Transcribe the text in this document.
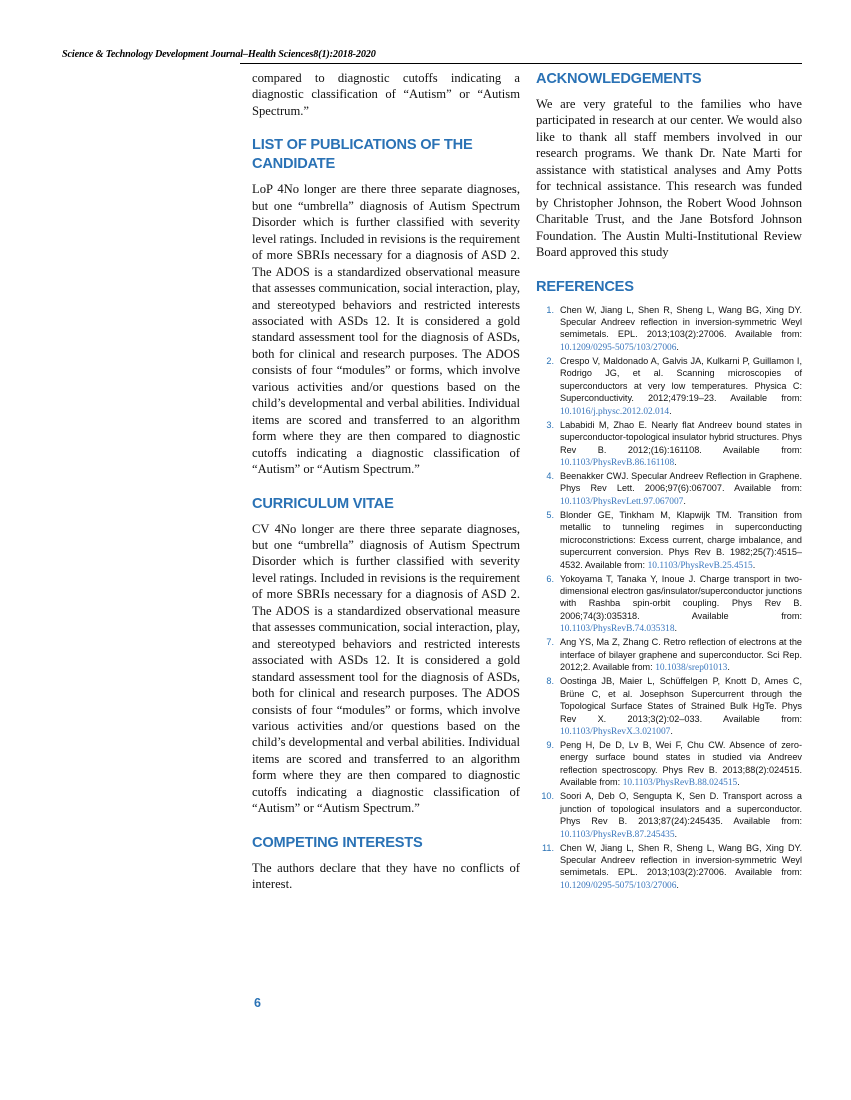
Science & Technology Development Journal–Health Sciences8(1):2018-2020

compared to diagnostic cutoffs indicating a diagnostic classification of “Autism” or “Autism Spectrum.”

LIST OF PUBLICATIONS OF THE CANDIDATE

LoP 4No longer are there three separate diagnoses, but one “umbrella” diagnosis of Autism Spectrum Disorder which is further classified with severity level ratings. Included in revisions is the requirement of more SBRIs necessary for a diagnosis of ASD 2. The ADOS is a standardized observational measure that assesses communication, social interaction, play, and stereotyped behaviors and restricted interests associated with ASDs 12. It is considered a gold standard assessment tool for the diagnosis of ASDs, both for clinical and research purposes. The ADOS consists of four “modules” or forms, which involve various activities and/or questions based on the child’s developmental and verbal abilities. Individual items are scored and transferred to an algorithm form where they are then compared to diagnostic cutoffs indicating a diagnostic classification of “Autism” or “Autism Spectrum.”

CURRICULUM VITAE

CV 4No longer are there three separate diagnoses, but one “umbrella” diagnosis of Autism Spectrum Disorder which is further classified with severity level ratings. Included in revisions is the requirement of more SBRIs necessary for a diagnosis of ASD 2. The ADOS is a standardized observational measure that assesses communication, social interaction, play, and stereotyped behaviors and restricted interests associated with ASDs 12. It is considered a gold standard assessment tool for the diagnosis of ASDs, both for clinical and research purposes. The ADOS consists of four “modules” or forms, which involve various activities and/or questions based on the child’s developmental and verbal abilities. Individual items are scored and transferred to an algorithm form where they are then compared to diagnostic cutoffs indicating a diagnostic classification of “Autism” or “Autism Spectrum.”

COMPETING INTERESTS

The authors declare that they have no conflicts of interest.

ACKNOWLEDGEMENTS

We are very grateful to the families who have participated in research at our center. We would also like to thank all staff members involved in our research programs. We thank Dr. Nate Marti for assistance with statistical analyses and Amy Potts for technical assistance. This research was funded by Christopher Johnson, the Robert Wood Johnson Charitable Trust, and the Jane Botsford Johnson Foundation. The Austin Multi-Institutional Review Board approved this study

REFERENCES
1. Chen W, Jiang L, Shen R, Sheng L, Wang BG, Xing DY. Specular Andreev reflection in inversion-symmetric Weyl semimetals. EPL. 2013;103(2):27006. Available from: 10.1209/0295-5075/103/27006.
2. Crespo V, Maldonado A, Galvis JA, Kulkarni P, Guillamon I, Rodrigo JG, et al. Scanning microscopies of superconductors at very low temperatures. Physica C: Superconductivity. 2012;479:19–23. Available from: 10.1016/j.physc.2012.02.014.
3. Lababidi M, Zhao E. Nearly flat Andreev bound states in superconductor-topological insulator hybrid structures. Phys Rev B. 2012;(16):161108. Available from: 10.1103/PhysRevB.86.161108.
4. Beenakker CWJ. Specular Andreev Reflection in Graphene. Phys Rev Lett. 2006;97(6):067007. Available from: 10.1103/PhysRevLett.97.067007.
5. Blonder GE, Tinkham M, Klapwijk TM. Transition from metallic to tunneling regimes in superconducting microconstrictions: Excess current, charge imbalance, and supercurrent conversion. Phys Rev B. 1982;25(7):4515–4532. Available from: 10.1103/PhysRevB.25.4515.
6. Yokoyama T, Tanaka Y, Inoue J. Charge transport in two-dimensional electron gas/insulator/superconductor junctions with Rashba spin-orbit coupling. Phys Rev B. 2006;74(3):035318. Available from: 10.1103/PhysRevB.74.035318.
7. Ang YS, Ma Z, Zhang C. Retro reflection of electrons at the interface of bilayer graphene and superconductor. Sci Rep. 2012;2. Available from: 10.1038/srep01013.
8. Oostinga JB, Maier L, Schüffelgen P, Knott D, Ames C, Brüne C, et al. Josephson Supercurrent through the Topological Surface States of Strained Bulk HgTe. Phys Rev X. 2013;3(2):02–033. Available from: 10.1103/PhysRevX.3.021007.
9. Peng H, De D, Lv B, Wei F, Chu CW. Absence of zero-energy surface bound states in studied via Andreev reflection spectroscopy. Phys Rev B. 2013;88(2):024515. Available from: 10.1103/PhysRevB.88.024515.
10. Soori A, Deb O, Sengupta K, Sen D. Transport across a junction of topological insulators and a superconductor. Phys Rev B. 2013;87(24):245435. Available from: 10.1103/PhysRevB.87.245435.
11. Chen W, Jiang L, Shen R, Sheng L, Wang BG, Xing DY. Specular Andreev reflection in inversion-symmetric Weyl semimetals. EPL. 2013;103(2):27006. Available from: 10.1209/0295-5075/103/27006.
6
